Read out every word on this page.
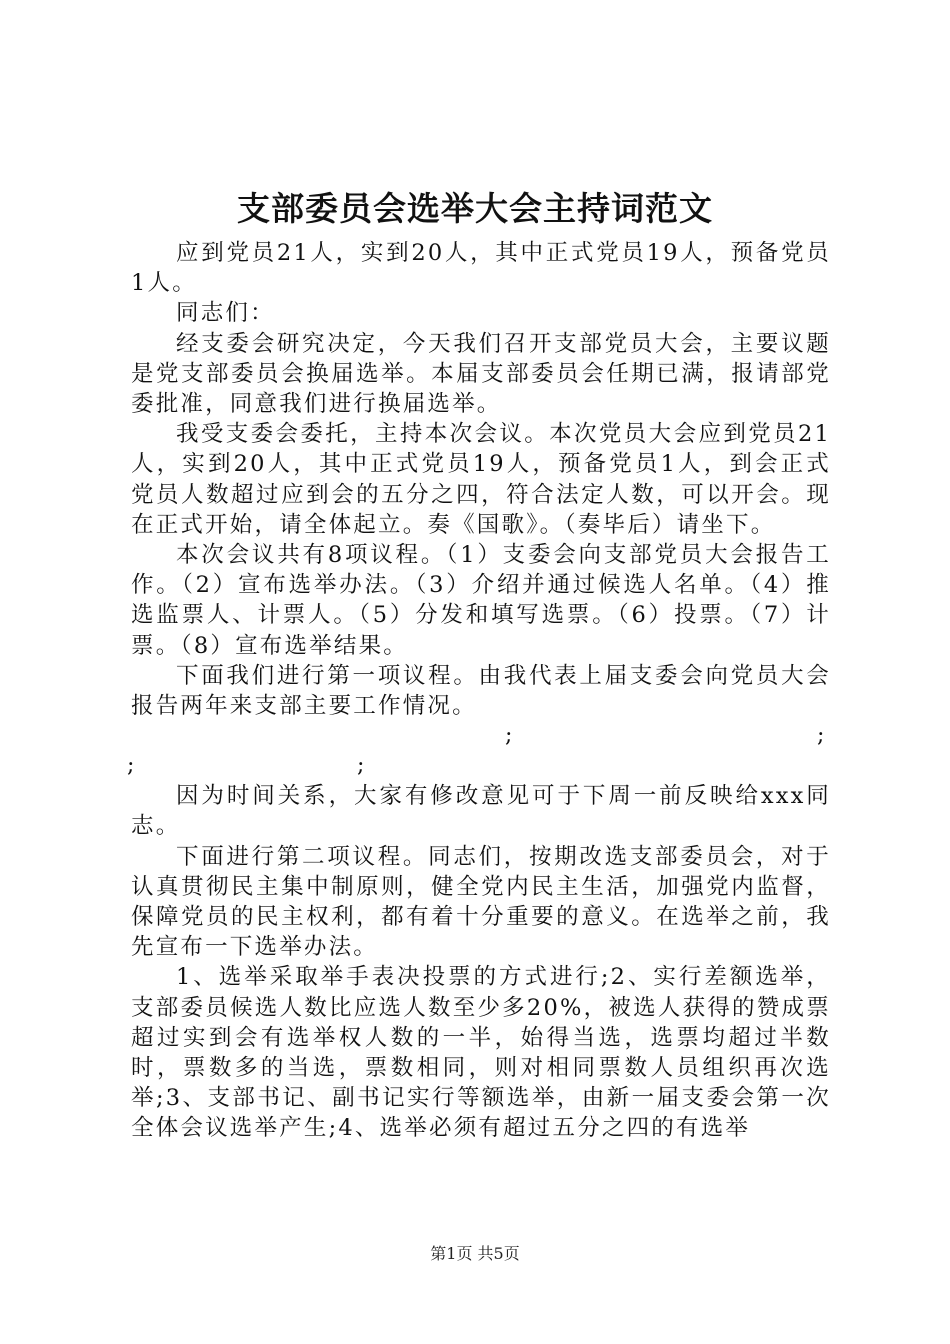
支部委员会选举大会主持词范文

应到党员21人，实到20人，其中正式党员19人，预备党员1人。

同志们：

经支委会研究决定，今天我们召开支部党员大会，主要议题是党支部委员会换届选举。本届支部委员会任期已满，报请部党委批准，同意我们进行换届选举。

我受支委会委托，主持本次会议。本次党员大会应到党员21人，实到20人，其中正式党员19人，预备党员1人，到会正式党员人数超过应到会的五分之四，符合法定人数，可以开会。现在正式开始，请全体起立。奏《国歌》。（奏毕后）请坐下。

本次会议共有8项议程。（1）支委会向支部党员大会报告工作。（2）宣布选举办法。（3）介绍并通过候选人名单。（4）推选监票人、计票人。（5）分发和填写选票。（6）投票。（7）计票。（8）宣布选举结果。

下面我们进行第一项议程。由我代表上届支委会向党员大会报告两年来支部主要工作情况。

;	;
;	;

因为时间关系，大家有修改意见可于下周一前反映给xxx同志。

下面进行第二项议程。同志们，按期改选支部委员会，对于认真贯彻民主集中制原则，健全党内民主生活，加强党内监督，保障党员的民主权利，都有着十分重要的意义。在选举之前，我先宣布一下选举办法。

1、选举采取举手表决投票的方式进行;2、实行差额选举，支部委员候选人数比应选人数至少多20%，被选人获得的赞成票超过实到会有选举权人数的一半，始得当选，选票均超过半数时，票数多的当选，票数相同，则对相同票数人员组织再次选举;3、支部书记、副书记实行等额选举，由新一届支委会第一次全体会议选举产生;4、选举必须有超过五分之四的有选举

第1页 共5页
